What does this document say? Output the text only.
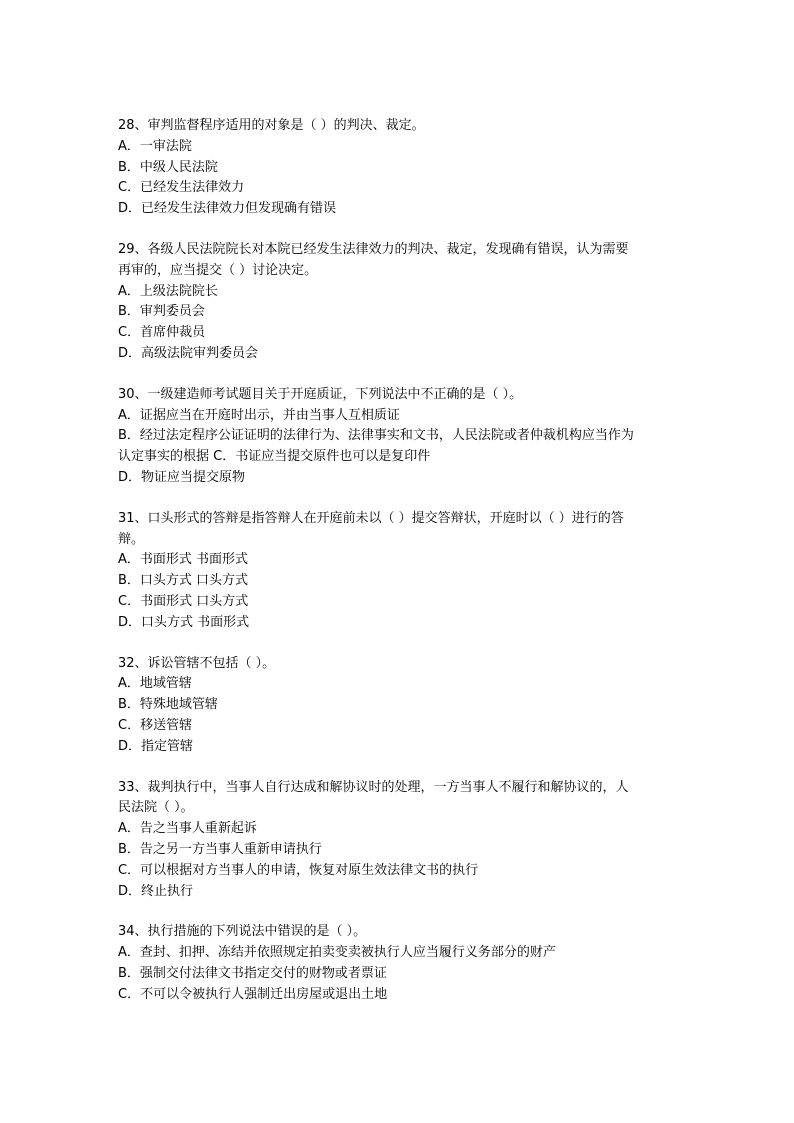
28、审判监督程序适用的对象是（ ）的判决、裁定。
A．一审法院
B．中级人民法院
C．已经发生法律效力
D．已经发生法律效力但发现确有错误
29、各级人民法院院长对本院已经发生法律效力的判决、裁定，发现确有错误，认为需要
再审的，应当提交（ ）讨论决定。
A．上级法院院长
B．审判委员会
C．首席仲裁员
D．高级法院审判委员会
30、一级建造师考试题目关于开庭质证，下列说法中不正确的是（ ）。
A．证据应当在开庭时出示，并由当事人互相质证
B．经过法定程序公证证明的法律行为、法律事实和文书，人民法院或者仲裁机构应当作为
认定事实的根据 C．书证应当提交原件也可以是复印件
D．物证应当提交原物
31、口头形式的答辩是指答辩人在开庭前未以（ ）提交答辩状，开庭时以（ ）进行的答
辩。
A．书面形式 书面形式
B．口头方式 口头方式
C．书面形式 口头方式
D．口头方式 书面形式
32、诉讼管辖不包括（ ）。
A．地域管辖
B．特殊地域管辖
C．移送管辖
D．指定管辖
33、裁判执行中，当事人自行达成和解协议时的处理，一方当事人不履行和解协议的，人
民法院（ ）。
A．告之当事人重新起诉
B．告之另一方当事人重新申请执行
C．可以根据对方当事人的申请，恢复对原生效法律文书的执行
D．终止执行
34、执行措施的下列说法中错误的是（ ）。
A．查封、扣押、冻结并依照规定拍卖变卖被执行人应当履行义务部分的财产
B．强制交付法律文书指定交付的财物或者票证
C．不可以令被执行人强制迁出房屋或退出土地
